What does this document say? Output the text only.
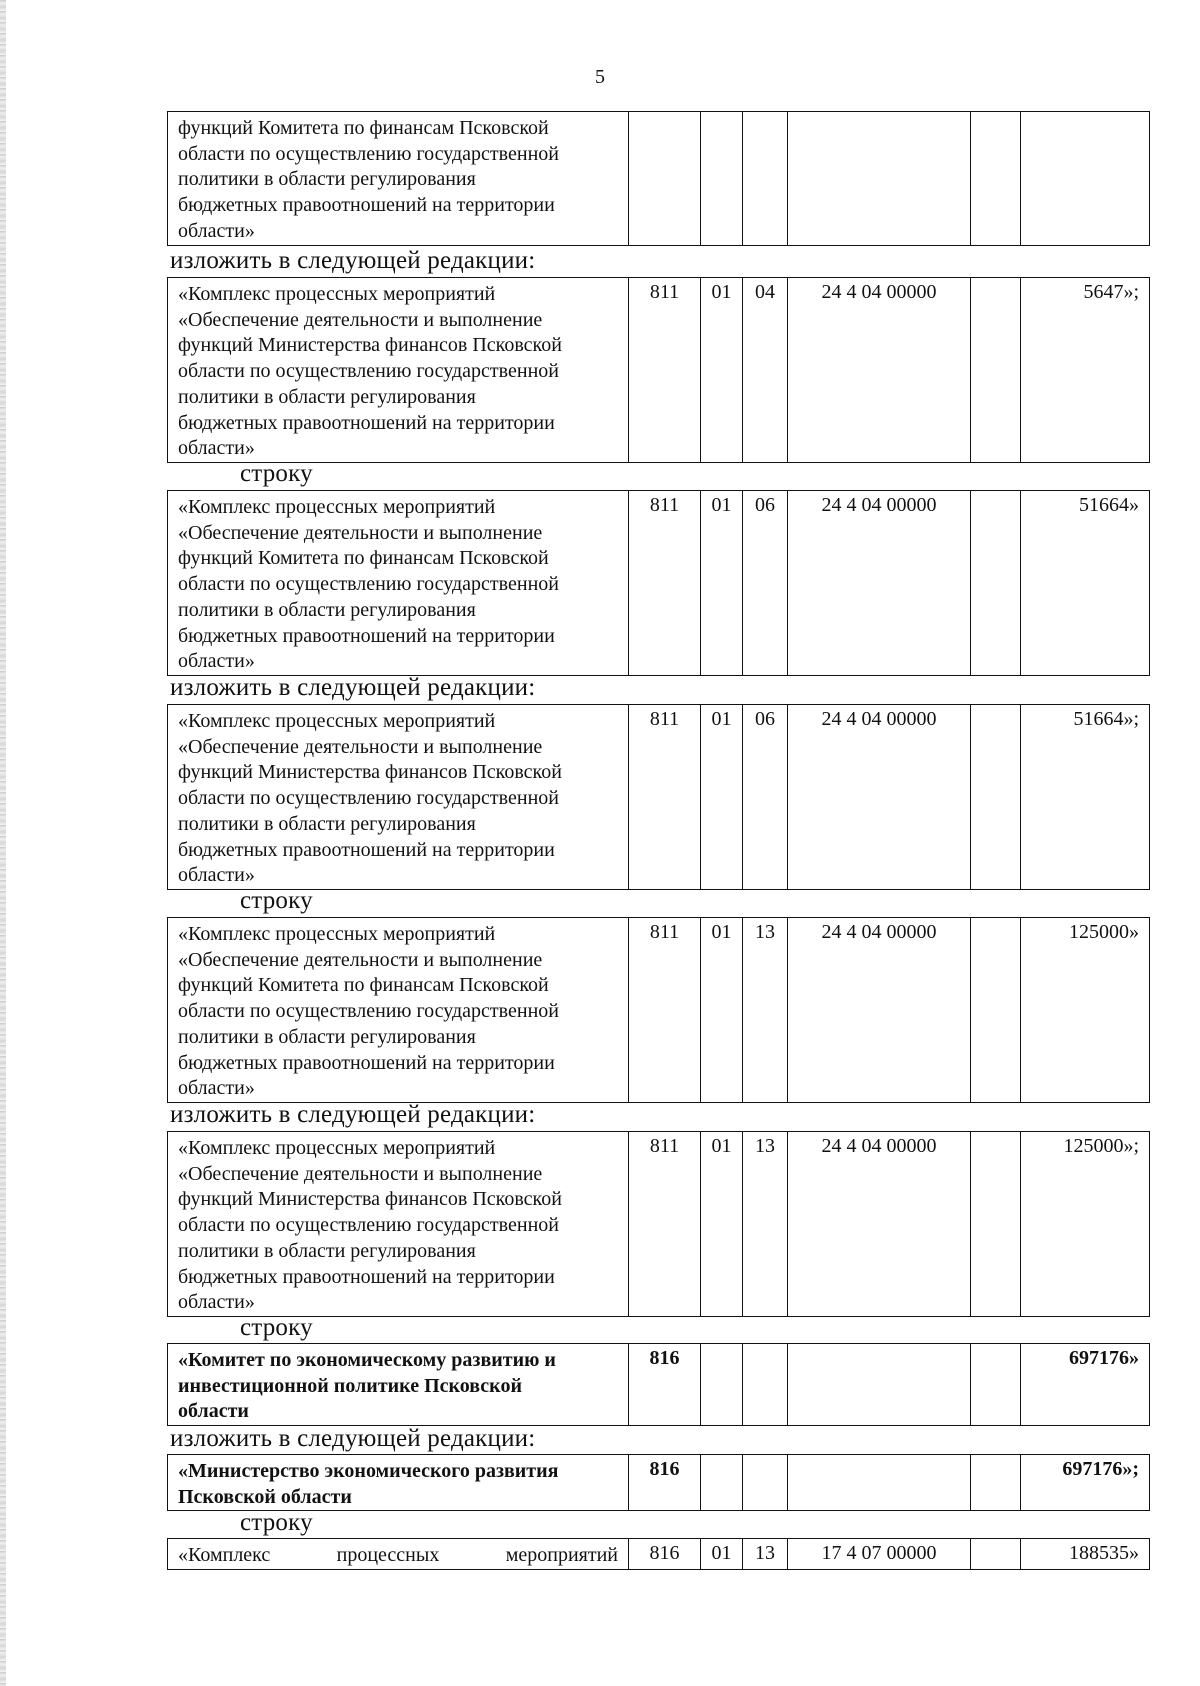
5
функций Комитета по финансам Псковской
области по осуществлению государственной
политики в области регулирования
бюджетных правоотношений на территории
области»

изложить в следующей редакции:
«Комплекс процессных мероприятий
«Обеспечение деятельности и выполнение
функций Министерства финансов Псковской
области по осуществлению государственной
политики в области регулирования
бюджетных правоотношений на территории
области»
	811	01	04	24 4 04 00000		5647»;
строку
«Комплекс процессных мероприятий
«Обеспечение деятельности и выполнение
функций Комитета по финансам Псковской
области по осуществлению государственной
политики в области регулирования
бюджетных правоотношений на территории
области»
	811	01	06	24 4 04 00000		51664»
изложить в следующей редакции:
«Комплекс процессных мероприятий
«Обеспечение деятельности и выполнение
функций Министерства финансов Псковской
области по осуществлению государственной
политики в области регулирования
бюджетных правоотношений на территории
области»
	811	01	06	24 4 04 00000		51664»;
строку
«Комплекс процессных мероприятий
«Обеспечение деятельности и выполнение
функций Комитета по финансам Псковской
области по осуществлению государственной
политики в области регулирования
бюджетных правоотношений на территории
области»
	811	01	13	24 4 04 00000		125000»
изложить в следующей редакции:
«Комплекс процессных мероприятий
«Обеспечение деятельности и выполнение
функций Министерства финансов Псковской
области по осуществлению государственной
политики в области регулирования
бюджетных правоотношений на территории
области»
	811	01	13	24 4 04 00000		125000»;
строку
«Комитет по экономическому развитию и
инвестиционной политике Псковской
области
	816					697176»
изложить в следующей редакции:
«Министерство экономического развития
Псковской области
	816					697176»;
строку
«Комплекс процессных мероприятий	816	01	13	17 4 07 00000		188535»
